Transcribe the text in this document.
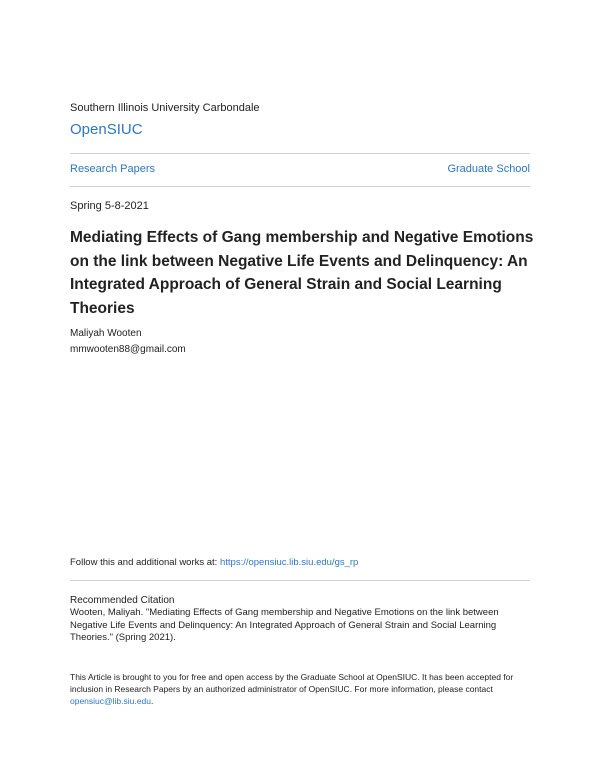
Southern Illinois University Carbondale
OpenSIUC
Research Papers	Graduate School
Spring 5-8-2021
Mediating Effects of Gang membership and Negative Emotions on the link between Negative Life Events and Delinquency: An Integrated Approach of General Strain and Social Learning Theories
Maliyah Wooten
mmwooten88@gmail.com
Follow this and additional works at: https://opensiuc.lib.siu.edu/gs_rp
Recommended Citation

Wooten, Maliyah. "Mediating Effects of Gang membership and Negative Emotions on the link between Negative Life Events and Delinquency: An Integrated Approach of General Strain and Social Learning Theories." (Spring 2021).

This Article is brought to you for free and open access by the Graduate School at OpenSIUC. It has been accepted for inclusion in Research Papers by an authorized administrator of OpenSIUC. For more information, please contact opensiuc@lib.siu.edu.
